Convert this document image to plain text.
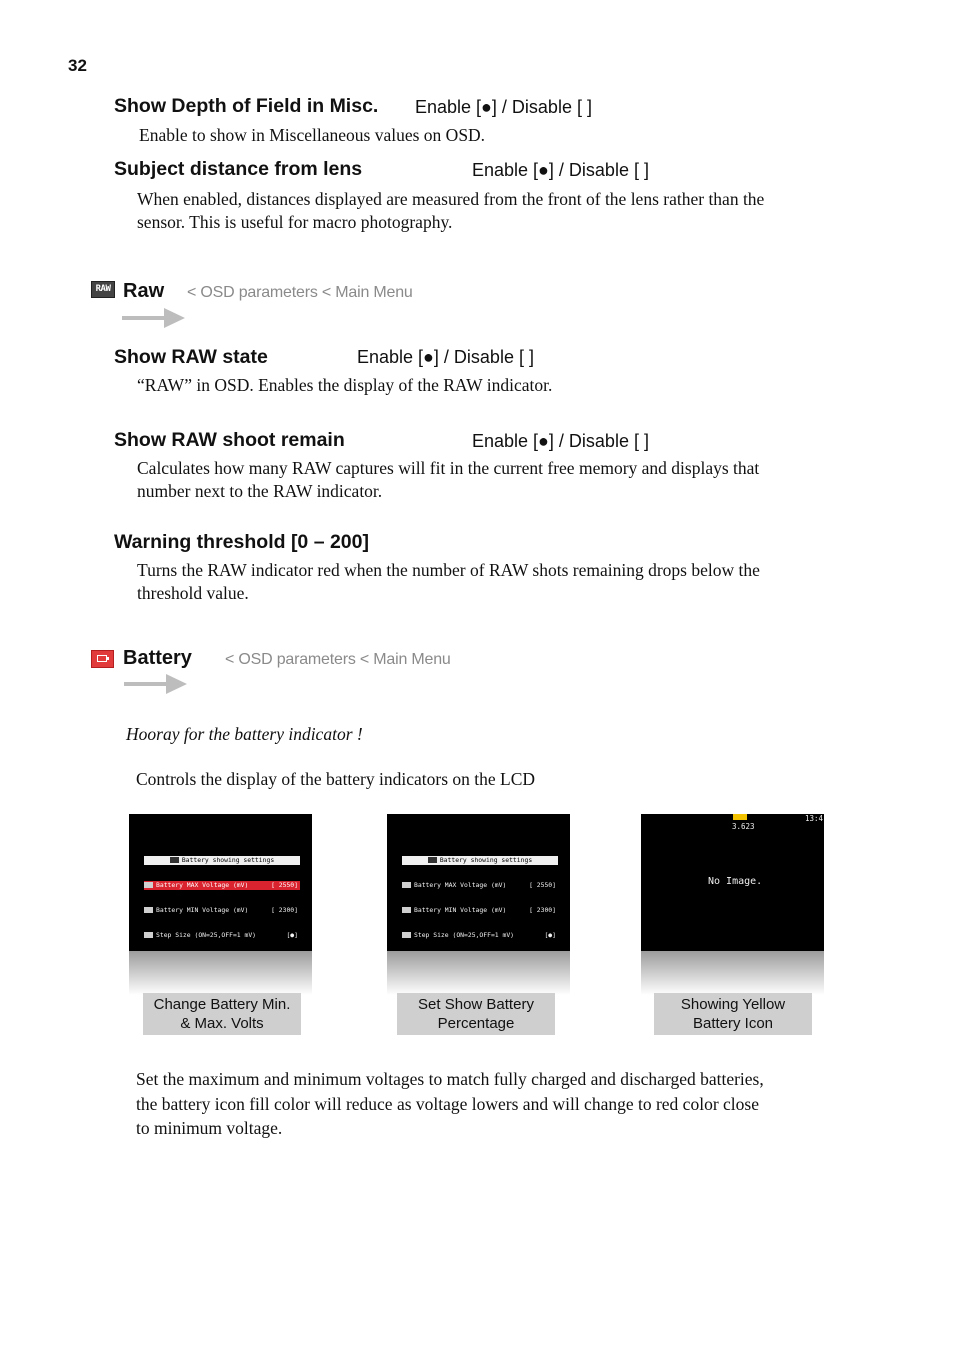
32
Show Depth of Field in Misc. Enable [●] / Disable [ ]
Enable to show in Miscellaneous values on OSD.
Subject distance from lens	Enable [●] / Disable [ ]
When enabled, distances displayed are measured from the front of the lens rather than the
sensor. This is useful for macro photography.
RAW Raw < OSD parameters < Main Menu
Show RAW state	Enable [●] / Disable [ ]
“RAW” in OSD. Enables the display of the RAW indicator.
Show RAW shoot remain	Enable [●] / Disable [ ]
Calculates how many RAW captures will fit in the current free memory and displays that
number next to the RAW indicator.
Warning threshold [0 – 200]
Turns the RAW indicator red when the number of RAW shots remaining drops below the
threshold value.
Battery < OSD parameters < Main Menu
Hooray for the battery indicator !
Controls the display of the battery indicators on the LCD

Battery showing settings

Battery MAX Voltage (mV)	[ 2550]

Battery MIN Voltage (mV)	[ 2300]

Step Size (ON=25,OFF=1 mV)	[●]

Change Battery Min.
& Max. Volts

Battery showing settings

Battery MAX Voltage (mV)	[ 2550]

Battery MIN Voltage (mV)	[ 2300]

Step Size (ON=25,OFF=1 mV)	[●]

Set Show Battery
Percentage
3.623
13:4
No Image.
Showing Yellow
Battery Icon
Set the maximum and minimum voltages to match fully charged and discharged batteries,
the battery icon fill color will reduce as voltage lowers and will change to red color close
to minimum voltage.
